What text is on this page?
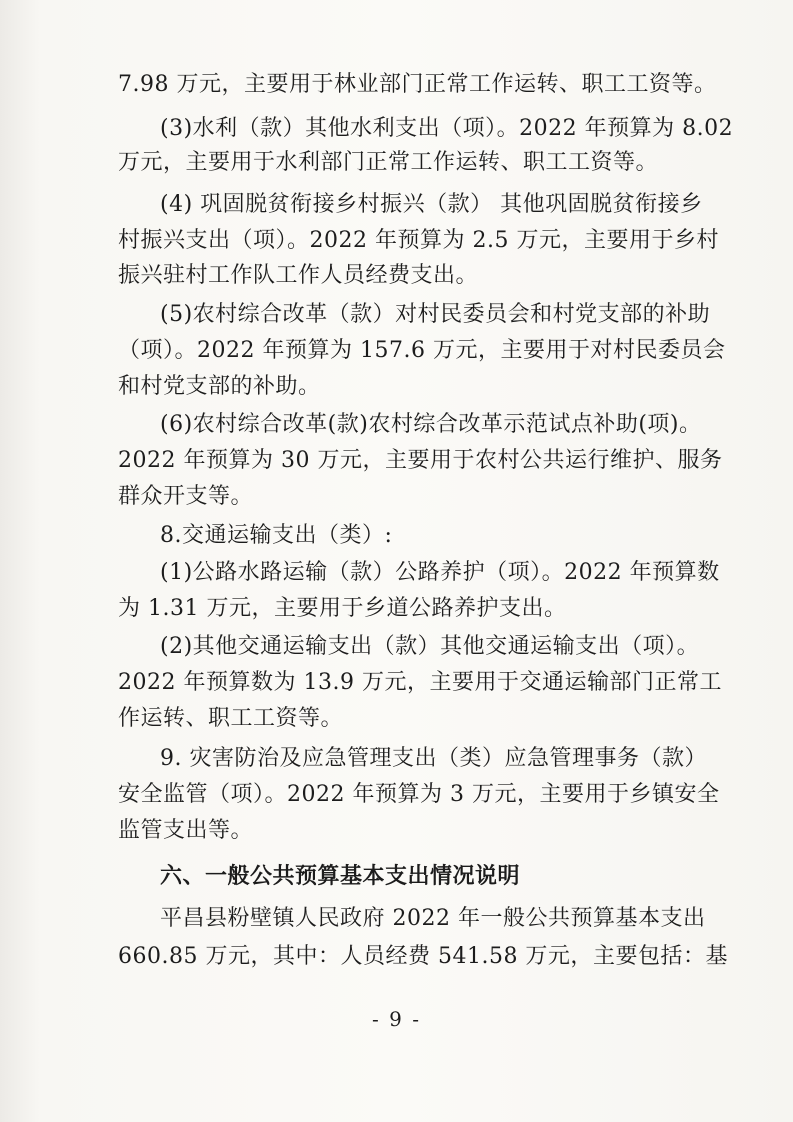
7.98 万元，主要用于林业部门正常工作运转、职工工资等。
(3)水利（款）其他水利支出（项）。2022 年预算为 8.02
万元，主要用于水利部门正常工作运转、职工工资等。
(4) 巩固脱贫衔接乡村振兴（款） 其他巩固脱贫衔接乡
村振兴支出（项）。2022 年预算为 2.5 万元，主要用于乡村
振兴驻村工作队工作人员经费支出。
(5)农村综合改革（款）对村民委员会和村党支部的补助
（项）。2022 年预算为 157.6 万元，主要用于对村民委员会
和村党支部的补助。
(6)农村综合改革(款)农村综合改革示范试点补助(项)。
2022 年预算为 30 万元，主要用于农村公共运行维护、服务
群众开支等。
8.交通运输支出（类）:
(1)公路水路运输（款）公路养护（项）。2022 年预算数
为 1.31 万元，主要用于乡道公路养护支出。
(2)其他交通运输支出（款）其他交通运输支出（项）。
2022 年预算数为 13.9 万元，主要用于交通运输部门正常工
作运转、职工工资等。
9. 灾害防治及应急管理支出（类）应急管理事务（款）
安全监管（项）。2022 年预算为 3 万元，主要用于乡镇安全
监管支出等。
六、一般公共预算基本支出情况说明
平昌县粉壁镇人民政府 2022 年一般公共预算基本支出
660.85 万元，其中：人员经费 541.58 万元，主要包括：基
- 9 -
